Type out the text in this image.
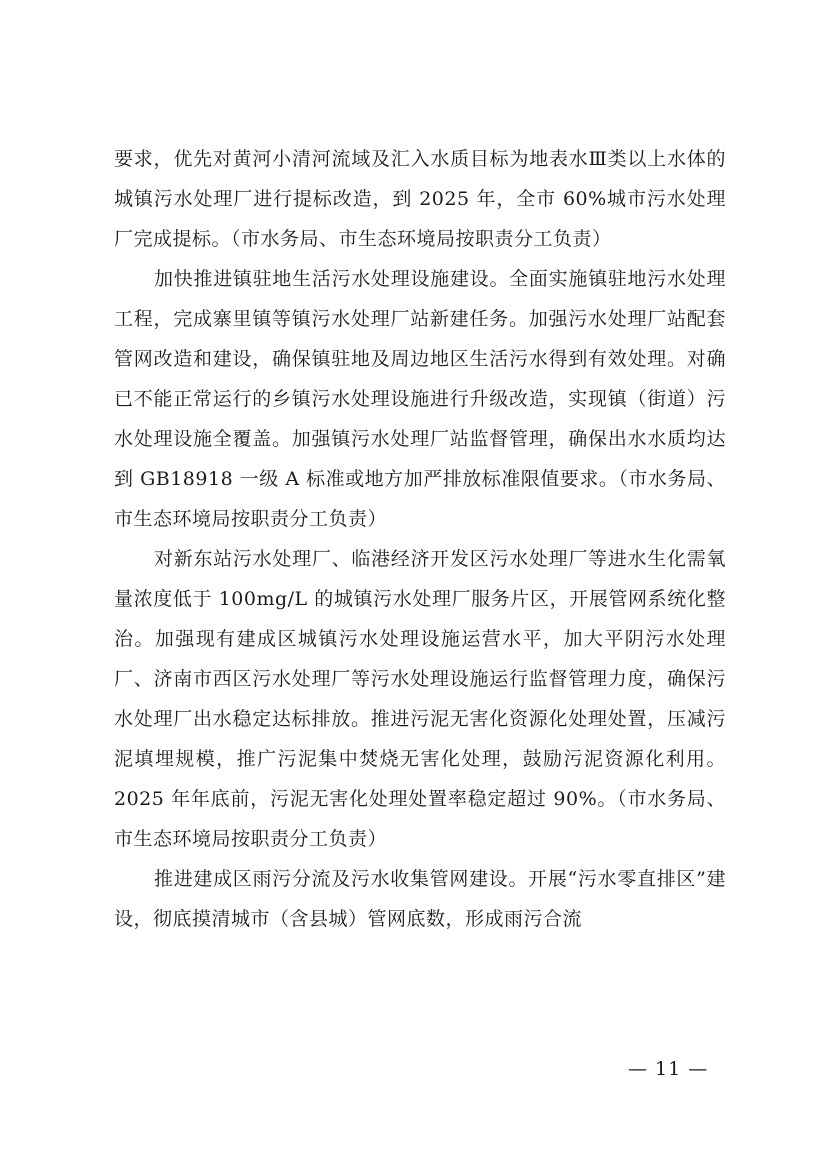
要求，优先对黄河小清河流域及汇入水质目标为地表水Ⅲ类以上水体的城镇污水处理厂进行提标改造，到 2025 年，全市 60%城市污水处理厂完成提标。（市水务局、市生态环境局按职责分工负责）

加快推进镇驻地生活污水处理设施建设。全面实施镇驻地污水处理工程，完成寨里镇等镇污水处理厂站新建任务。加强污水处理厂站配套管网改造和建设，确保镇驻地及周边地区生活污水得到有效处理。对确已不能正常运行的乡镇污水处理设施进行升级改造，实现镇（街道）污水处理设施全覆盖。加强镇污水处理厂站监督管理，确保出水水质均达到 GB18918 一级 A 标准或地方加严排放标准限值要求。（市水务局、市生态环境局按职责分工负责）

对新东站污水处理厂、临港经济开发区污水处理厂等进水生化需氧量浓度低于 100mg/L 的城镇污水处理厂服务片区，开展管网系统化整治。加强现有建成区城镇污水处理设施运营水平，加大平阴污水处理厂、济南市西区污水处理厂等污水处理设施运行监督管理力度，确保污水处理厂出水稳定达标排放。推进污泥无害化资源化处理处置，压减污泥填埋规模，推广污泥集中焚烧无害化处理，鼓励污泥资源化利用。2025 年年底前，污泥无害化处理处置率稳定超过 90%。（市水务局、市生态环境局按职责分工负责）

推进建成区雨污分流及污水收集管网建设。开展“污水零直排区”建设，彻底摸清城市（含县城）管网底数，形成雨污合流

— 11 —
